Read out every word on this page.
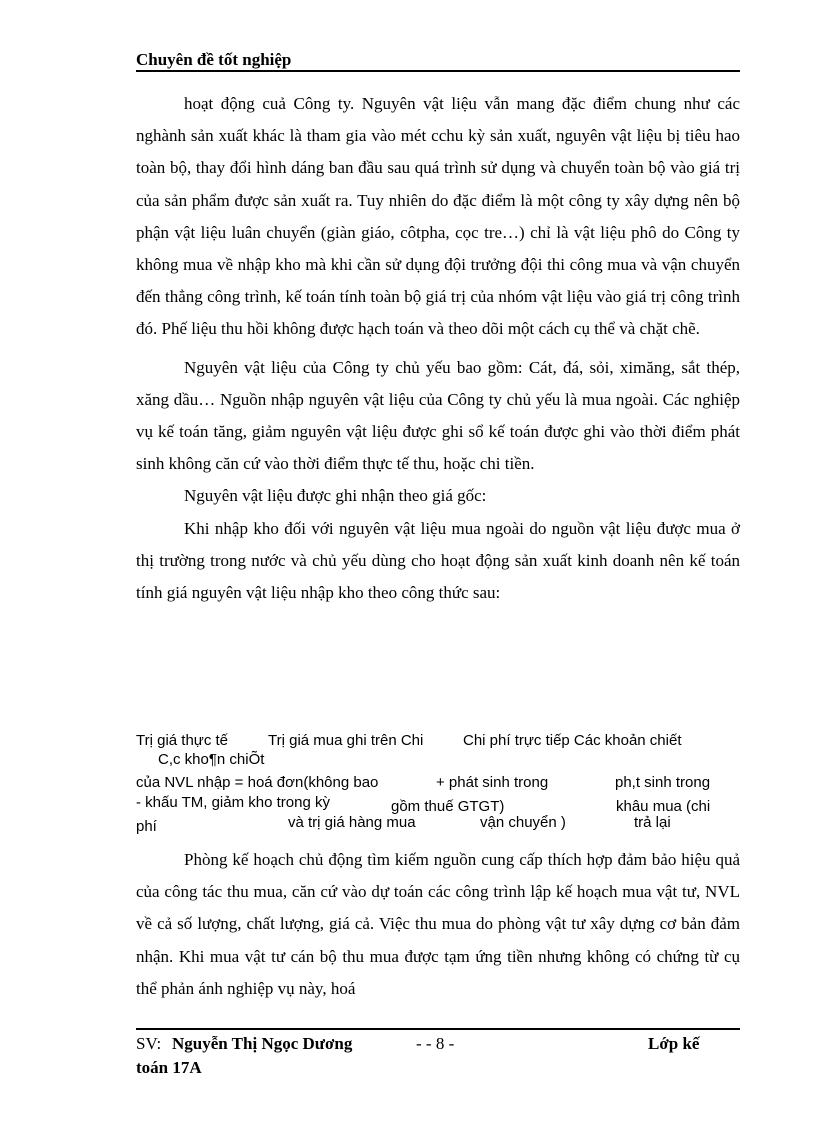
Chuyên đề tốt nghiệp

hoạt động cuả Công ty. Nguyên vật liệu vẫn mang đặc điểm chung như các nghành sản xuất khác là tham gia vào mét cchu kỳ sản xuất, nguyên vật liệu bị tiêu hao toàn bộ, thay đổi hình dáng ban đầu sau quá trình sử dụng và chuyển toàn bộ vào giá trị của sản phẩm được sản xuất ra. Tuy nhiên do đặc điểm là một công ty xây dựng nên bộ phận vật liệu luân chuyển (giàn giáo, côtpha, cọc tre…) chỉ là vật liệu phô do Công ty không mua về nhập kho mà khi cần sử dụng đội trưởng đội thi công mua và vận chuyển đến thẳng công trình, kế toán tính toàn bộ giá trị của nhóm vật liệu vào giá trị công trình đó. Phế liệu thu hồi không được hạch toán và theo dõi một cách cụ thể và chặt chẽ.

Nguyên vật liệu của Công ty chủ yếu bao gồm: Cát, đá, sỏi, ximăng, sắt thép, xăng dầu… Nguồn nhập nguyên vật liệu của Công ty chủ yếu là mua ngoài. Các nghiệp vụ kế toán tăng, giảm nguyên vật liệu được ghi sổ kế toán được ghi vào thời điểm phát sinh không căn cứ vào thời điểm thực tế thu, hoặc chi tiền.

Nguyên vật liệu được ghi nhận theo giá gốc:

Khi nhập kho đối với nguyên vật liệu mua ngoài do nguồn vật liệu được mua ở thị trường trong nước và chủ yếu dùng cho hoạt động sản xuất kinh doanh nên kế toán tính giá nguyên vật liệu nhập kho theo công thức sau:

Trị giá thực tế	Trị giá mua ghi trên Chi	Chi phí trực tiếp Các khoản chiết
C,c kho¶n chiÕt
của NVL nhập = hoá đơn(không bao	+ phát sinh trong	ph,t sinh trong
- khấu TM, giảm kho trong kỳ	gồm thuế GTGT)	khâu mua (chi
phí	và trị giá hàng mua	vận chuyển )	trả lại

Phòng kế hoạch chủ động tìm kiếm nguồn cung cấp thích hợp đảm bảo hiệu quả của công tác thu mua, căn cứ vào dự toán các công trình lập kế hoạch mua vật tư, NVL về cả số lượng, chất lượng, giá cả. Việc thu mua do phòng vật tư xây dựng cơ bản đảm nhận. Khi mua vật tư cán bộ thu mua được tạm ứng tiền nhưng không có chứng từ cụ thể phản ánh nghiệp vụ này, hoá

SV: Nguyễn Thị Ngọc Dương	- - 8 -	Lớp kế
toán 17A
